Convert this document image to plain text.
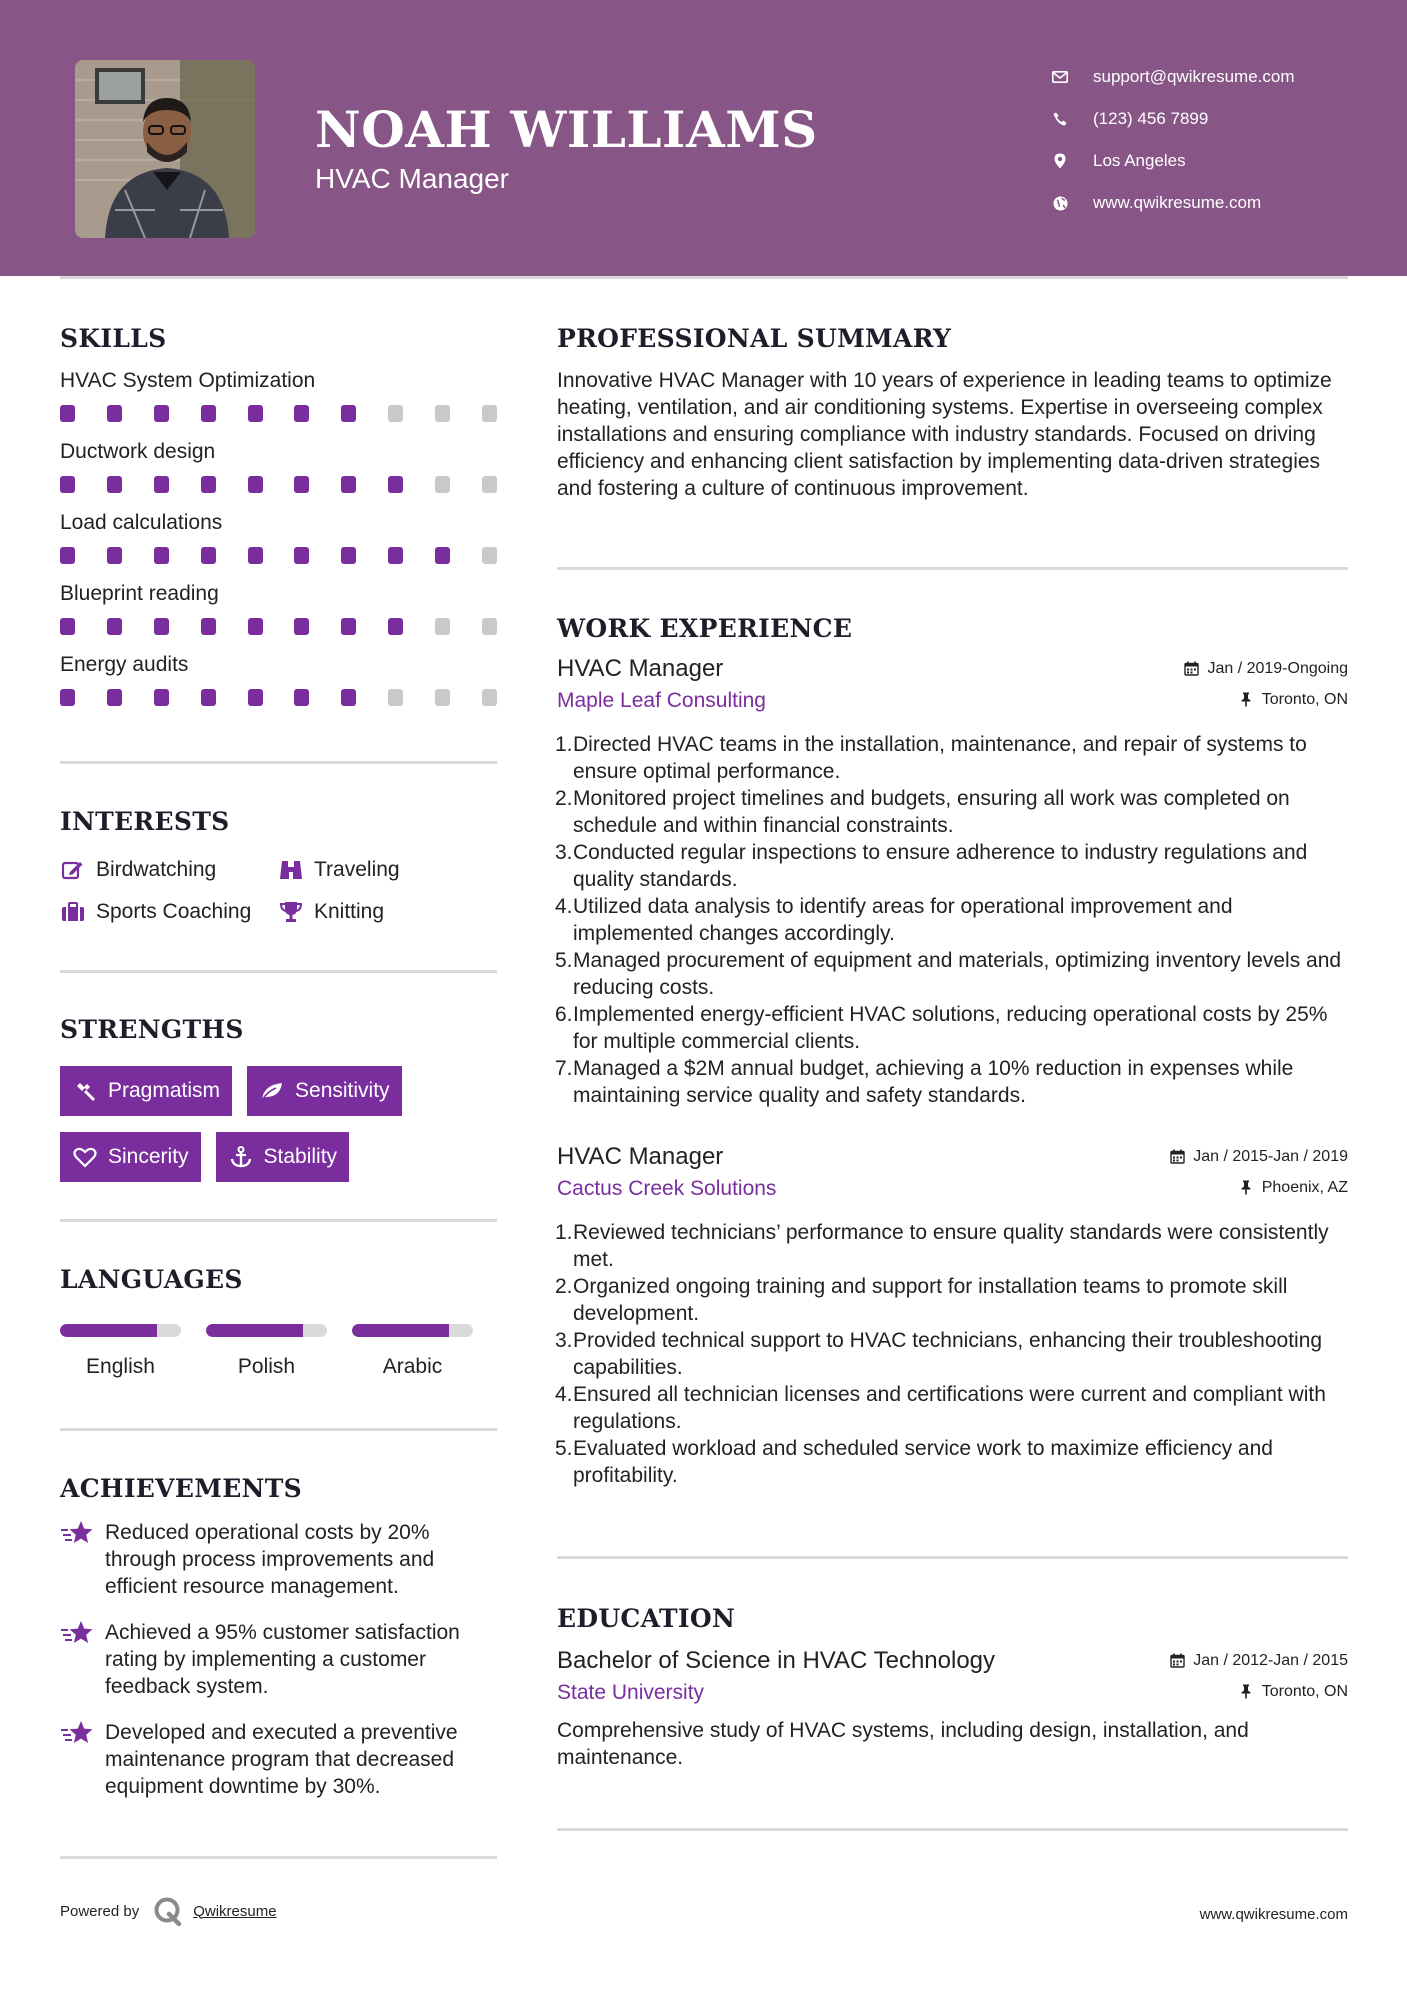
NOAH WILLIAMS
HVAC Manager
support@qwikresume.com
(123) 456 7899
Los Angeles
www.qwikresume.com
SKILLS
HVAC System Optimization
Ductwork design
Load calculations
Blueprint reading
Energy audits
INTERESTS
Birdwatching	Traveling
Sports Coaching	Knitting
STRENGTHS
Pragmatism	Sensitivity
Sincerity	Stability
LANGUAGES
English	Polish	Arabic
ACHIEVEMENTS
Reduced operational costs by 20% through process improvements and efficient resource management.
Achieved a 95% customer satisfaction rating by implementing a customer feedback system.
Developed and executed a preventive maintenance program that decreased equipment downtime by 30%.
PROFESSIONAL SUMMARY
Innovative HVAC Manager with 10 years of experience in leading teams to optimize heating, ventilation, and air conditioning systems. Expertise in overseeing complex installations and ensuring compliance with industry standards. Focused on driving efficiency and enhancing client satisfaction by implementing data-driven strategies and fostering a culture of continuous improvement.
WORK EXPERIENCE
HVAC Manager	Jan / 2019-Ongoing
Maple Leaf Consulting	Toronto, ON
1. Directed HVAC teams in the installation, maintenance, and repair of systems to ensure optimal performance.
2. Monitored project timelines and budgets, ensuring all work was completed on schedule and within financial constraints.
3. Conducted regular inspections to ensure adherence to industry regulations and quality standards.
4. Utilized data analysis to identify areas for operational improvement and implemented changes accordingly.
5. Managed procurement of equipment and materials, optimizing inventory levels and reducing costs.
6. Implemented energy-efficient HVAC solutions, reducing operational costs by 25% for multiple commercial clients.
7. Managed a $2M annual budget, achieving a 10% reduction in expenses while maintaining service quality and safety standards.
HVAC Manager	Jan / 2015-Jan / 2019
Cactus Creek Solutions	Phoenix, AZ
1. Reviewed technicians’ performance to ensure quality standards were consistently met.
2. Organized ongoing training and support for installation teams to promote skill development.
3. Provided technical support to HVAC technicians, enhancing their troubleshooting capabilities.
4. Ensured all technician licenses and certifications were current and compliant with regulations.
5. Evaluated workload and scheduled service work to maximize efficiency and profitability.
EDUCATION
Bachelor of Science in HVAC Technology	Jan / 2012-Jan / 2015
State University	Toronto, ON
Comprehensive study of HVAC systems, including design, installation, and maintenance.
Powered by	Qwikresume	www.qwikresume.com
